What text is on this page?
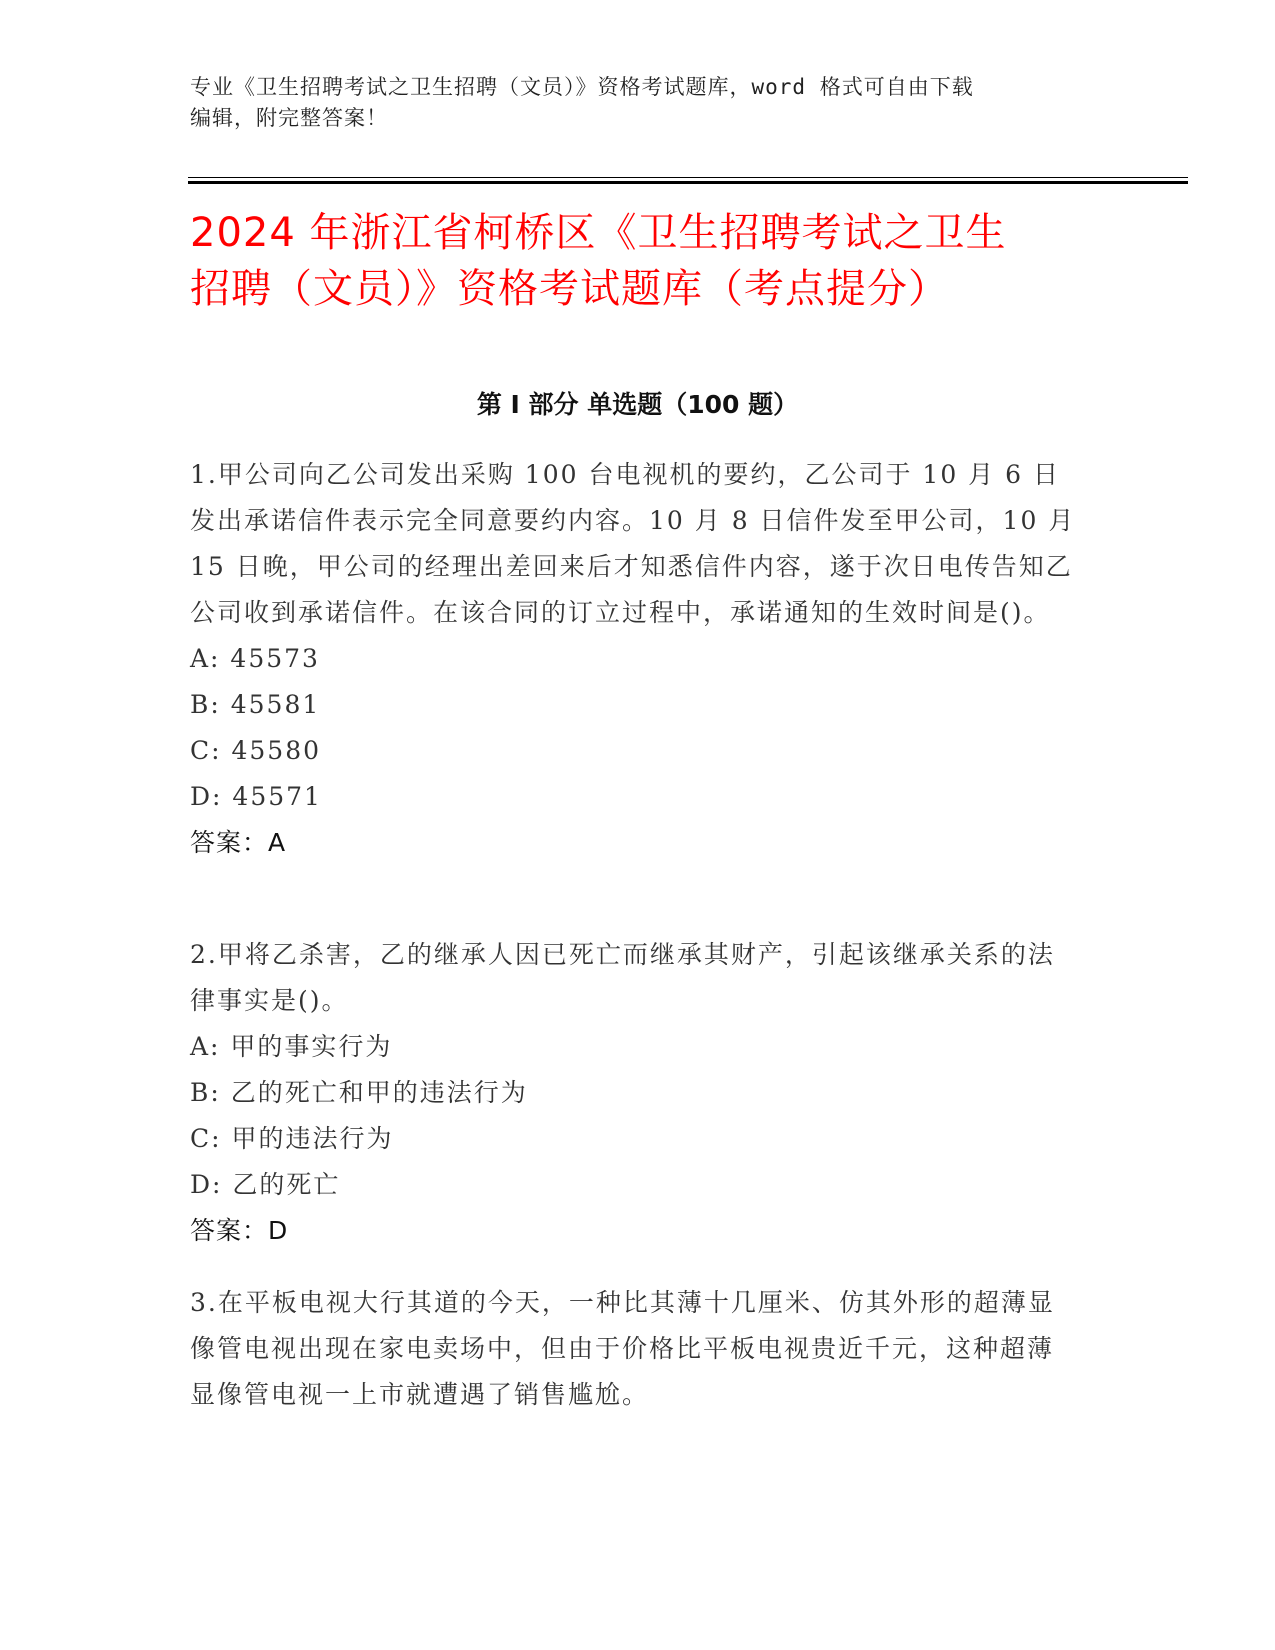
专业《卫生招聘考试之卫生招聘（文员）》资格考试题库，word 格式可自由下载
编辑，附完整答案！
2024 年浙江省柯桥区《卫生招聘考试之卫生
招聘（文员）》资格考试题库（考点提分）
第 I 部分 单选题（100 题）

1.甲公司向乙公司发出采购 100 台电视机的要约，乙公司于 10 月 6 日发出承诺信件表示完全同意要约内容。10 月 8 日信件发至甲公司，10 月 15 日晚，甲公司的经理出差回来后才知悉信件内容，遂于次日电传告知乙公司收到承诺信件。在该合同的订立过程中，承诺通知的生效时间是()。

A: 45573

B: 45581

C: 45580

D: 45571

答案：A

2.甲将乙杀害，乙的继承人因已死亡而继承其财产，引起该继承关系的法律事实是()。

A: 甲的事实行为

B: 乙的死亡和甲的违法行为

C: 甲的违法行为

D: 乙的死亡

答案：D

3.在平板电视大行其道的今天，一种比其薄十几厘米、仿其外形的超薄显像管电视出现在家电卖场中，但由于价格比平板电视贵近千元，这种超薄显像管电视一上市就遭遇了销售尴尬。
